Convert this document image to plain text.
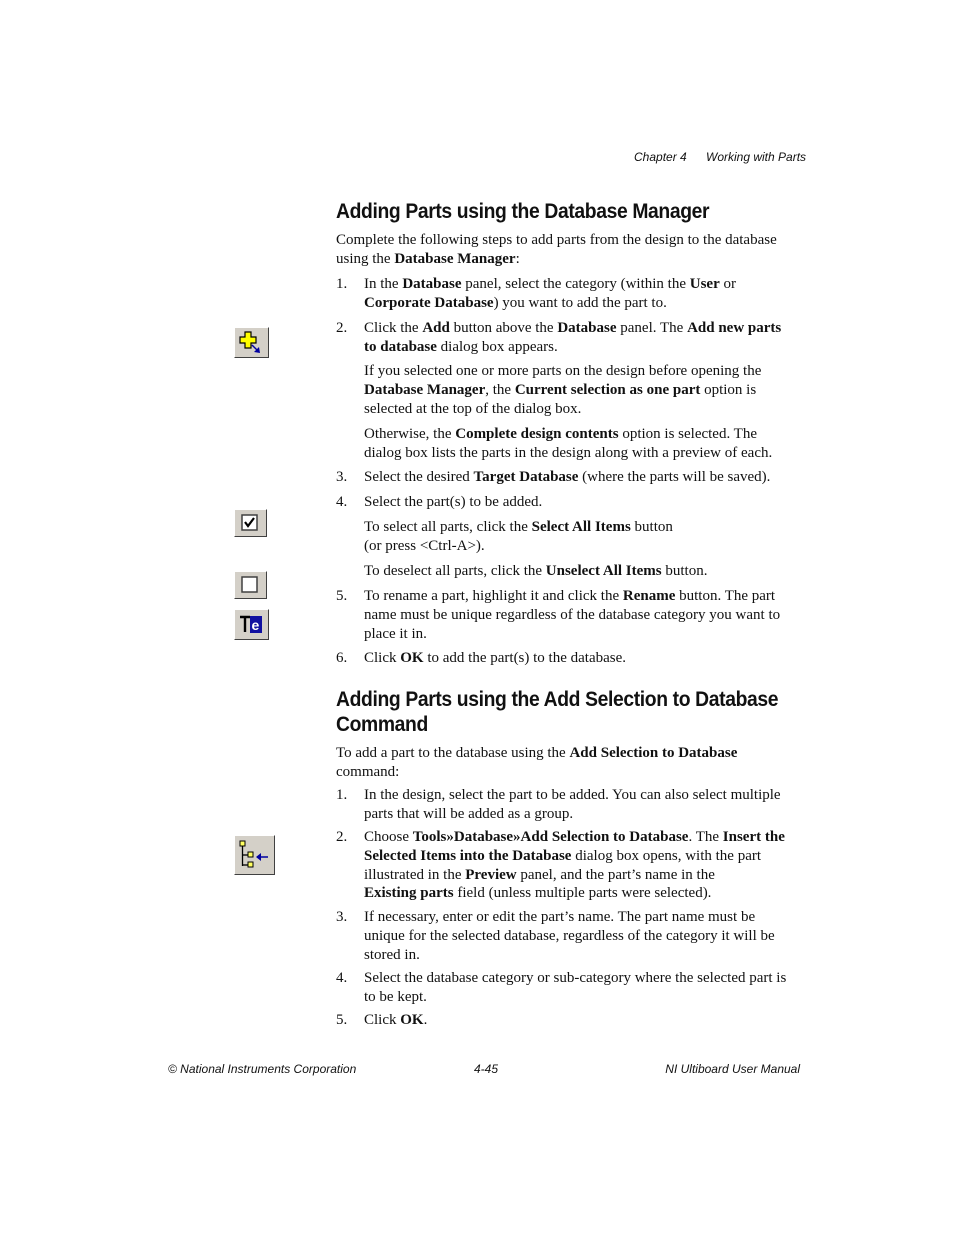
Chapter 4 Working with Parts
Adding Parts using the Database Manager
Complete the following steps to add parts from the design to the database
using the Database Manager:
1. In the Database panel, select the category (within the User or
Corporate Database) you want to add the part to.
2. Click the Add button above the Database panel. The Add new parts
to database dialog box appears.
If you selected one or more parts on the design before opening the
Database Manager, the Current selection as one part option is
selected at the top of the dialog box.
Otherwise, the Complete design contents option is selected. The
dialog box lists the parts in the design along with a preview of each.
3. Select the desired Target Database (where the parts will be saved).
4. Select the part(s) to be added.
To select all parts, click the Select All Items button
(or press <Ctrl-A>).
To deselect all parts, click the Unselect All Items button.
5. To rename a part, highlight it and click the Rename button. The part
name must be unique regardless of the database category you want to
place it in.
6. Click OK to add the part(s) to the database.
Adding Parts using the Add Selection to Database
Command
To add a part to the database using the Add Selection to Database
command:
1. In the design, select the part to be added. You can also select multiple
parts that will be added as a group.
2. Choose Tools»Database»Add Selection to Database. The Insert the
Selected Items into the Database dialog box opens, with the part
illustrated in the Preview panel, and the part’s name in the
Existing parts field (unless multiple parts were selected).
3. If necessary, enter or edit the part’s name. The part name must be
unique for the selected database, regardless of the category it will be
stored in.
4. Select the database category or sub-category where the selected part is
to be kept.
5. Click OK.
e
© National Instruments Corporation	4-45	NI Ultiboard User Manual
